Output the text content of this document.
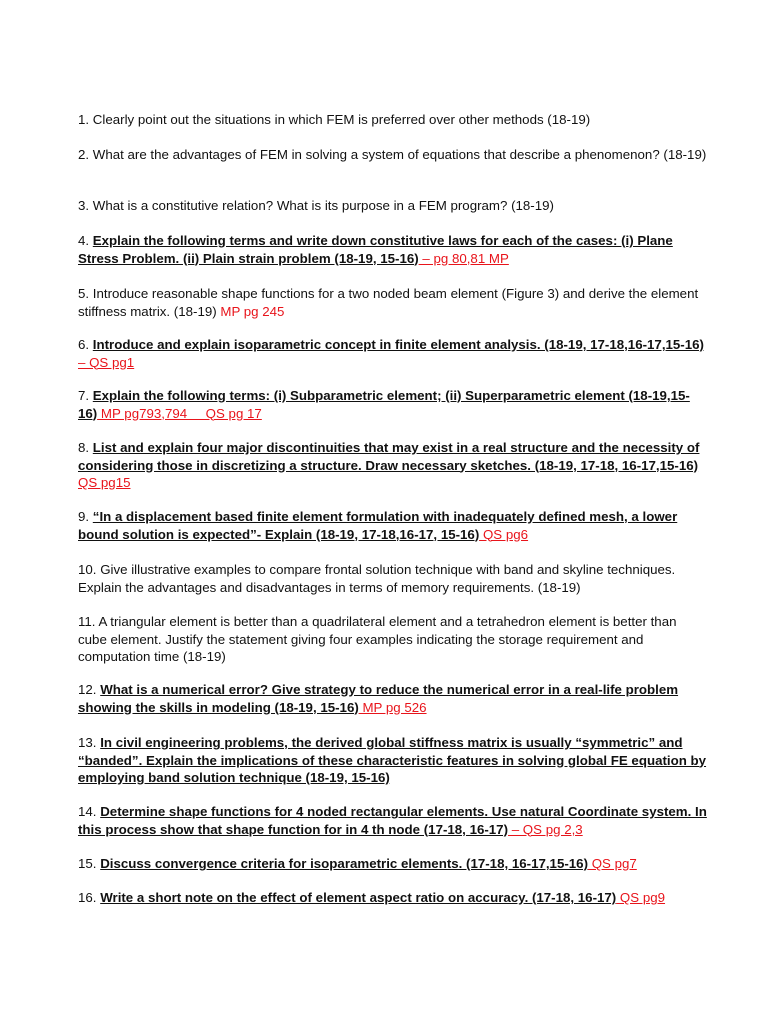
1. Clearly point out the situations in which FEM is preferred over other methods (18-19)

2. What are the advantages of FEM in solving a system of equations that describe a phenomenon? (18-19)

3. What is a constitutive relation? What is its purpose in a FEM program? (18-19)

4. Explain the following terms and write down constitutive laws for each of the cases: (i) Plane Stress Problem. (ii) Plain strain problem (18-19, 15-16) – pg 80,81 MP

5. Introduce reasonable shape functions for a two noded beam element (Figure 3) and derive the element stiffness matrix. (18-19) MP pg 245

6. Introduce and explain isoparametric concept in finite element analysis. (18-19, 17-18,16-17,15-16) – QS pg1

7. Explain the following terms: (i) Subparametric element; (ii) Superparametric element (18-19,15-16) MP pg793,794     QS pg 17

8. List and explain four major discontinuities that may exist in a real structure and the necessity of considering those in discretizing a structure. Draw necessary sketches. (18-19, 17-18, 16-17,15-16) QS pg15

9. “In a displacement based finite element formulation with inadequately defined mesh, a lower bound solution is expected”- Explain (18-19, 17-18,16-17, 15-16) QS pg6

10. Give illustrative examples to compare frontal solution technique with band and skyline techniques. Explain the advantages and disadvantages in terms of memory requirements. (18-19)

11. A triangular element is better than a quadrilateral element and a tetrahedron element is better than cube element. Justify the statement giving four examples indicating the storage requirement and computation time (18-19)

12. What is a numerical error? Give strategy to reduce the numerical error in a real-life problem showing the skills in modeling (18-19, 15-16) MP pg 526

13. In civil engineering problems, the derived global stiffness matrix is usually “symmetric” and “banded”. Explain the implications of these characteristic features in solving global FE equation by employing band solution technique (18-19, 15-16)

14. Determine shape functions for 4 noded rectangular elements. Use natural Coordinate system. In this process show that shape function for in 4 th node (17-18, 16-17) – QS pg 2,3

15. Discuss convergence criteria for isoparametric elements. (17-18, 16-17,15-16) QS pg7

16. Write a short note on the effect of element aspect ratio on accuracy. (17-18, 16-17) QS pg9
